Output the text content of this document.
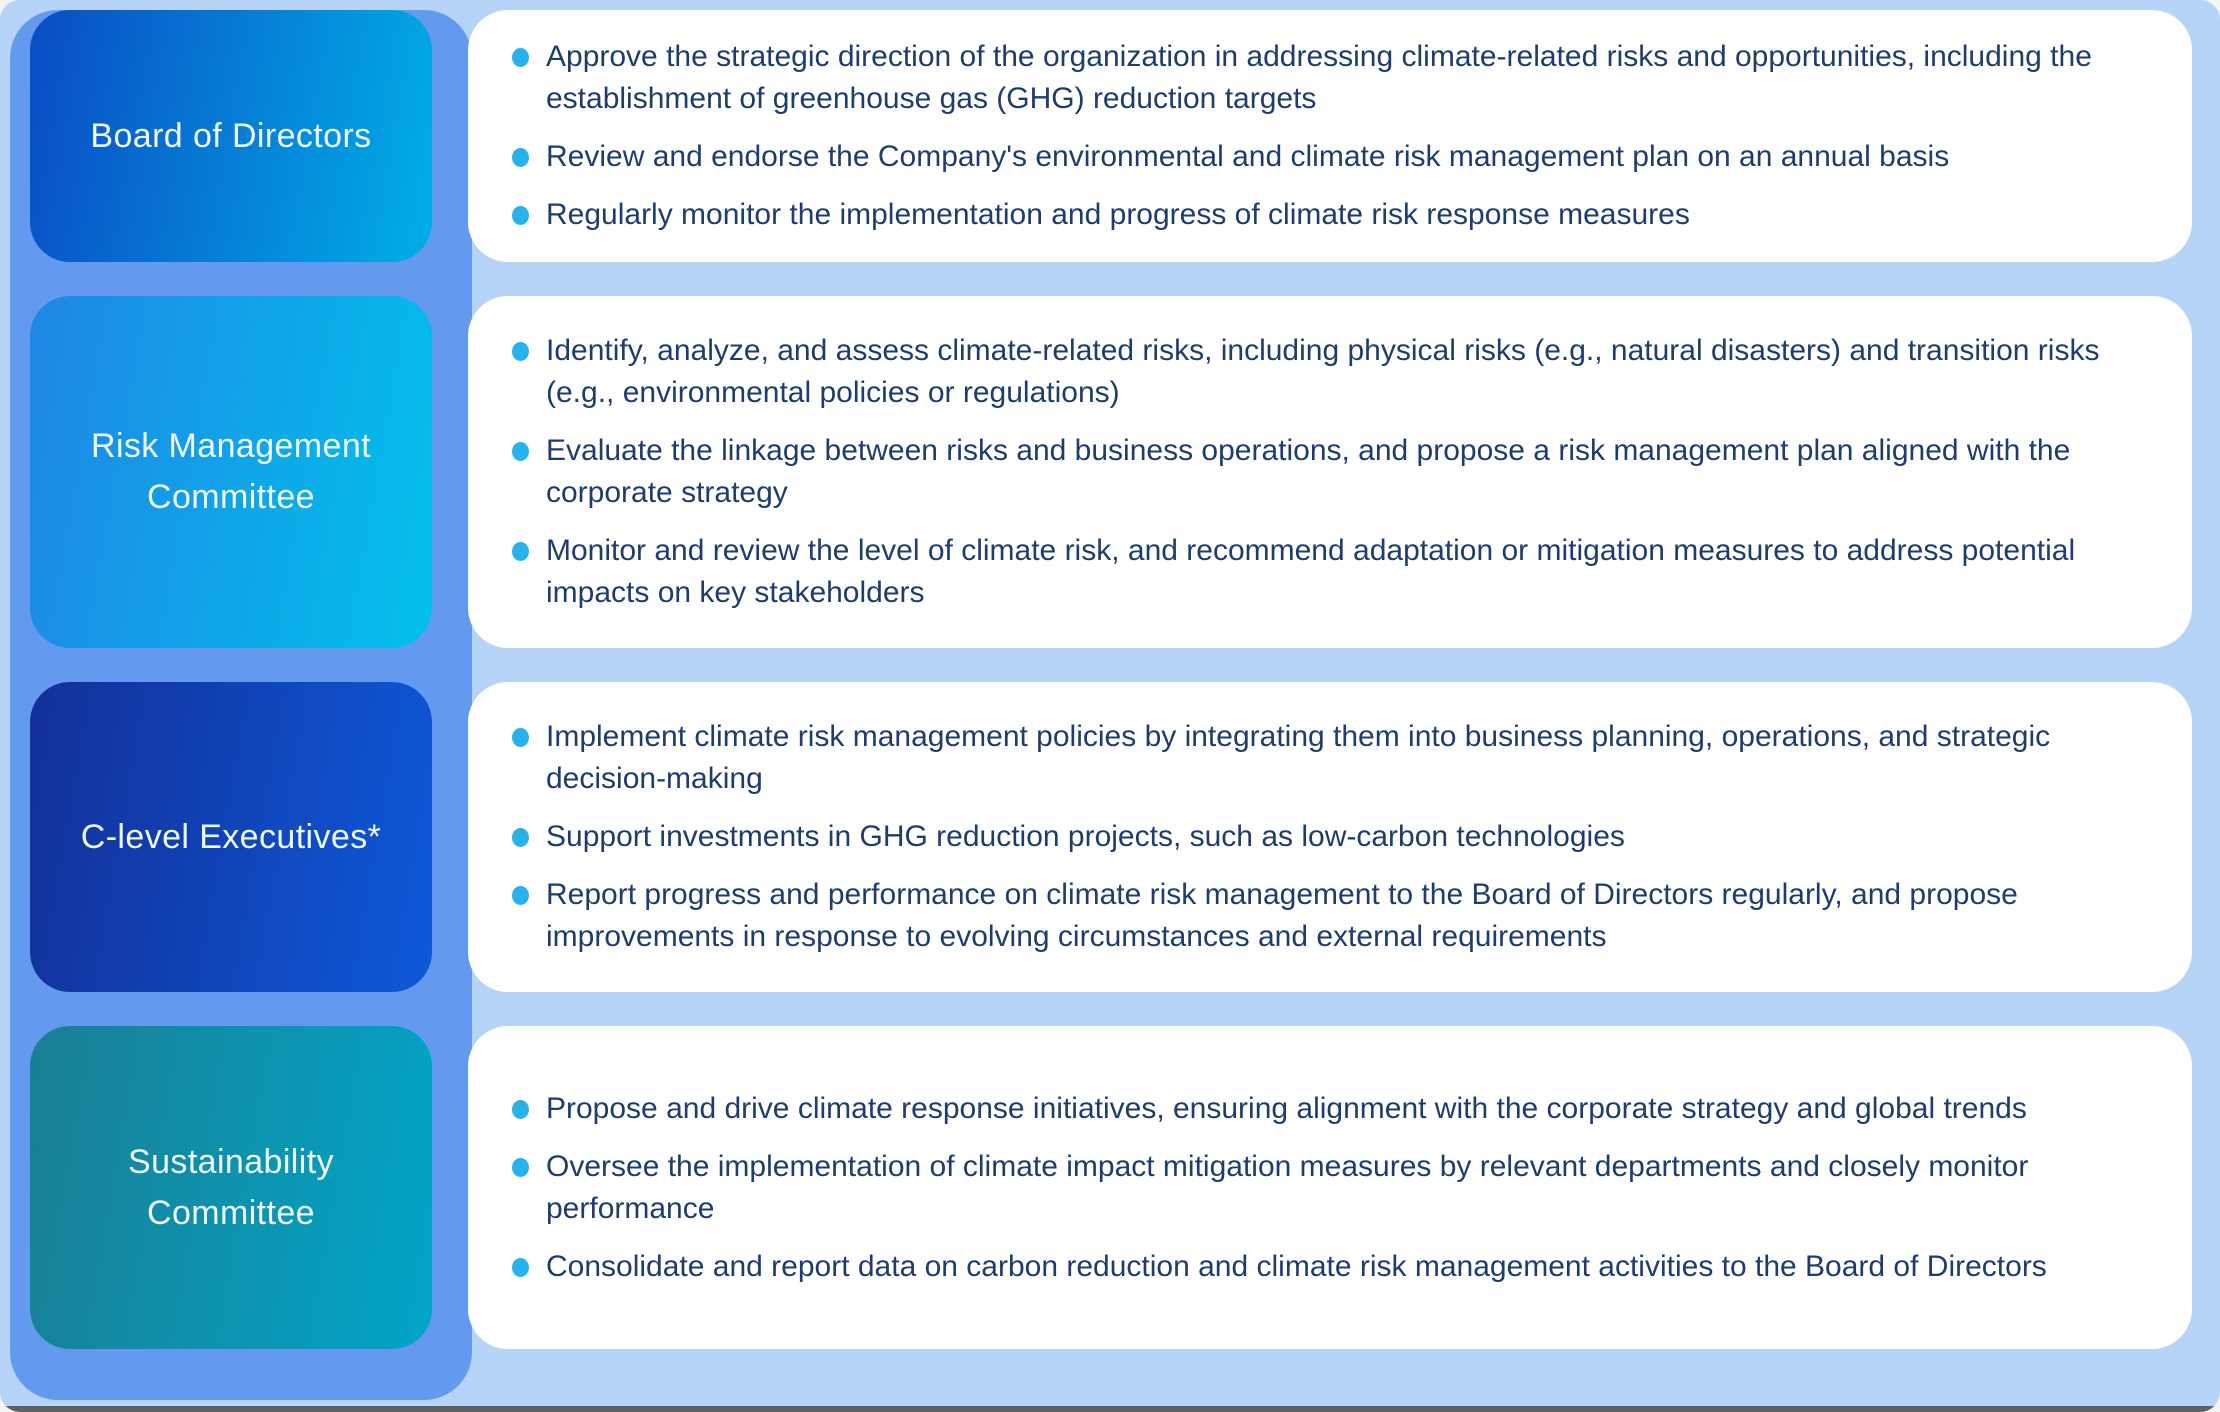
Board of Directors
Approve the strategic direction of the organization in addressing climate-related risks and opportunities, including the establishment of greenhouse gas (GHG) reduction targets
Review and endorse the Company's environmental and climate risk management plan on an annual basis
Regularly monitor the implementation and progress of climate risk response measures
Risk Management Committee
Identify, analyze, and assess climate-related risks, including physical risks (e.g., natural disasters) and transition risks (e.g., environmental policies or regulations)
Evaluate the linkage between risks and business operations, and propose a risk management plan aligned with the corporate strategy
Monitor and review the level of climate risk, and recommend adaptation or mitigation measures to address potential impacts on key stakeholders
C-level Executives*
Implement climate risk management policies by integrating them into business planning, operations, and strategic decision-making
Support investments in GHG reduction projects, such as low-carbon technologies
Report progress and performance on climate risk management to the Board of Directors regularly, and propose improvements in response to evolving circumstances and external requirements
Sustainability Committee
Propose and drive climate response initiatives, ensuring alignment with the corporate strategy and global trends
Oversee the implementation of climate impact mitigation measures by relevant departments and closely monitor performance
Consolidate and report data on carbon reduction and climate risk management activities to the Board of Directors
